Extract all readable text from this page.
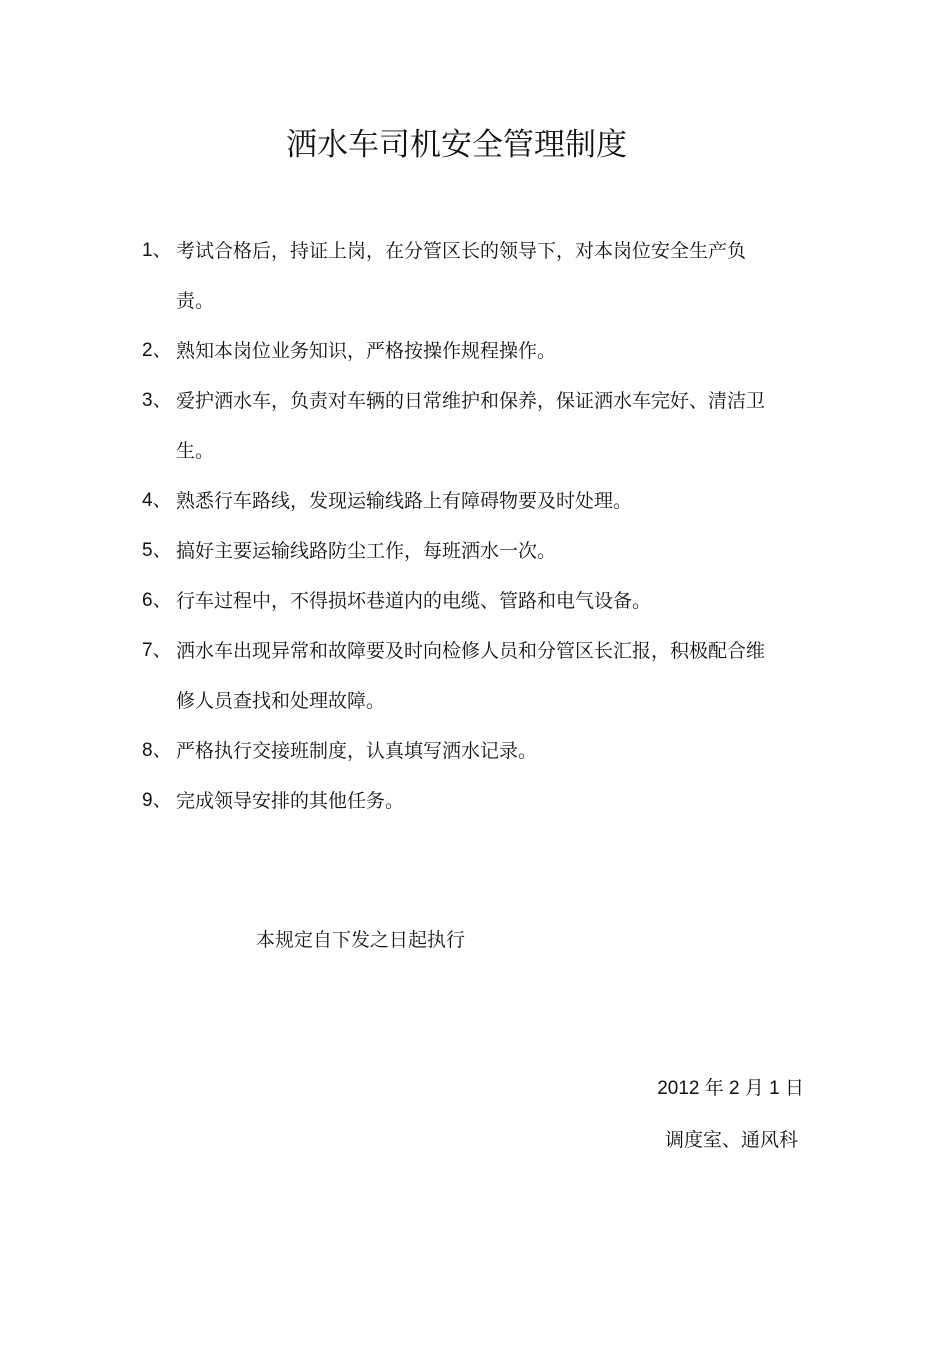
洒水车司机安全管理制度
1、 考试合格后，持证上岗，在分管区长的领导下，对本岗位安全生产负责。
2、 熟知本岗位业务知识，严格按操作规程操作。
3、 爱护洒水车，负责对车辆的日常维护和保养，保证洒水车完好、清洁卫生。
4、 熟悉行车路线，发现运输线路上有障碍物要及时处理。
5、 搞好主要运输线路防尘工作，每班洒水一次。
6、 行车过程中，不得损坏巷道内的电缆、管路和电气设备。
7、 洒水车出现异常和故障要及时向检修人员和分管区长汇报，积极配合维修人员查找和处理故障。
8、 严格执行交接班制度，认真填写洒水记录。
9、 完成领导安排的其他任务。
本规定自下发之日起执行
2012 年 2 月 1 日
调度室、通风科
